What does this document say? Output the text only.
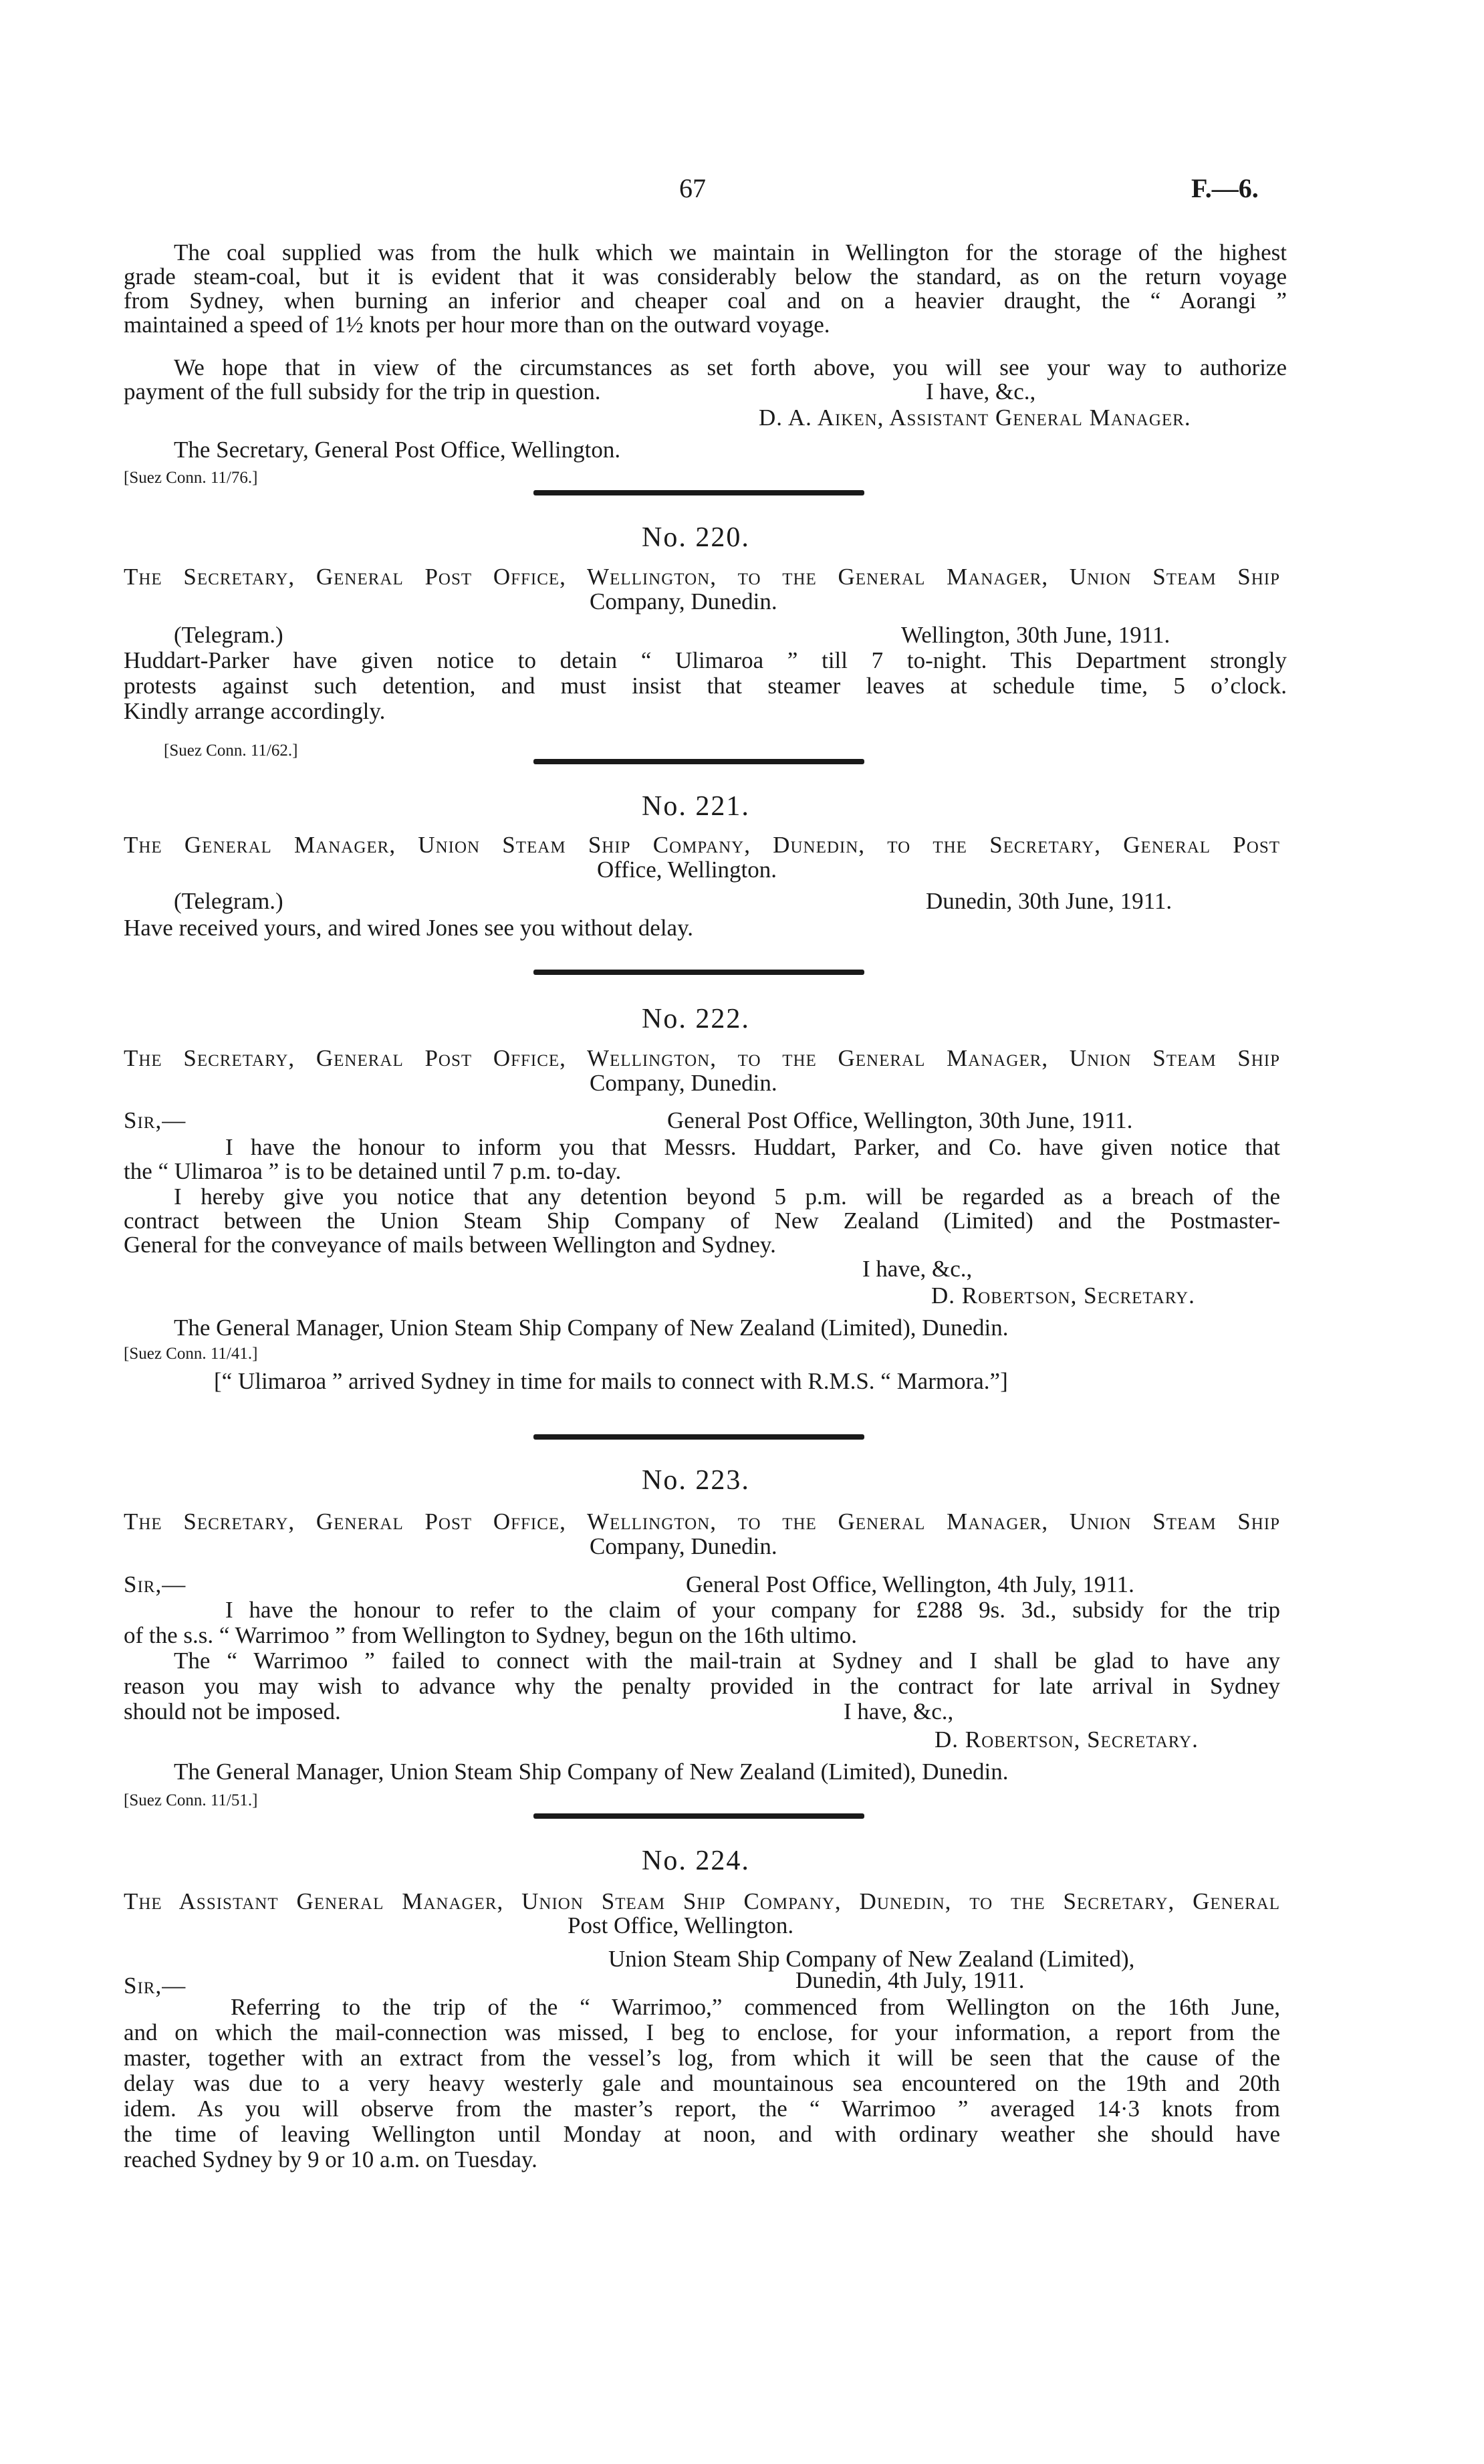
67	F.—6.
The coal supplied was from the hulk which we maintain in Wellington for the storage of the highest
grade steam-coal, but it is evident that it was considerably below the standard, as on the return voyage
from Sydney, when burning an inferior and cheaper coal and on a heavier draught, the “ Aorangi ”
maintained a speed of 1½ knots per hour more than on the outward voyage.
We hope that in view of the circumstances as set forth above, you will see your way to authorize
payment of the full subsidy for the trip in question.	I have, &c.,
D. A. Aiken, Assistant General Manager.
The Secretary, General Post Office, Wellington.
[Suez Conn. 11/76.]
No. 220.
The Secretary, General Post Office, Wellington, to the General Manager, Union Steam Ship
Company, Dunedin.
(Telegram.)	Wellington, 30th June, 1911.
Huddart-Parker have given notice to detain “ Ulimaroa ” till 7 to-night. This Department strongly
protests against such detention, and must insist that steamer leaves at schedule time, 5 o’clock.
Kindly arrange accordingly.
[Suez Conn. 11/62.]
No. 221.
The General Manager, Union Steam Ship Company, Dunedin, to the Secretary, General Post
Office, Wellington.
(Telegram.)	Dunedin, 30th June, 1911.
Have received yours, and wired Jones see you without delay.
No. 222.
The Secretary, General Post Office, Wellington, to the General Manager, Union Steam Ship
Company, Dunedin.
Sir,—	General Post Office, Wellington, 30th June, 1911.
I have the honour to inform you that Messrs. Huddart, Parker, and Co. have given notice that
the “ Ulimaroa ” is to be detained until 7 p.m. to-day.
I hereby give you notice that any detention beyond 5 p.m. will be regarded as a breach of the
contract between the Union Steam Ship Company of New Zealand (Limited) and the Postmaster-
General for the conveyance of mails between Wellington and Sydney.
I have, &c.,
D. Robertson, Secretary.
The General Manager, Union Steam Ship Company of New Zealand (Limited), Dunedin.
[Suez Conn. 11/41.]
[“ Ulimaroa ” arrived Sydney in time for mails to connect with R.M.S. “ Marmora.”]
No. 223.
The Secretary, General Post Office, Wellington, to the General Manager, Union Steam Ship
Company, Dunedin.
Sir,—	General Post Office, Wellington, 4th July, 1911.
I have the honour to refer to the claim of your company for £288 9s. 3d., subsidy for the trip
of the s.s. “ Warrimoo ” from Wellington to Sydney, begun on the 16th ultimo.
The “ Warrimoo ” failed to connect with the mail-train at Sydney and I shall be glad to have any
reason you may wish to advance why the penalty provided in the contract for late arrival in Sydney
should not be imposed.	I have, &c.,
D. Robertson, Secretary.
The General Manager, Union Steam Ship Company of New Zealand (Limited), Dunedin.
[Suez Conn. 11/51.]
No. 224.
The Assistant General Manager, Union Steam Ship Company, Dunedin, to the Secretary, General
Post Office, Wellington.
Union Steam Ship Company of New Zealand (Limited),
Sir,—	Dunedin, 4th July, 1911.
Referring to the trip of the “ Warrimoo,” commenced from Wellington on the 16th June,
and on which the mail-connection was missed, I beg to enclose, for your information, a report from the
master, together with an extract from the vessel’s log, from which it will be seen that the cause of the
delay was due to a very heavy westerly gale and mountainous sea encountered on the 19th and 20th
idem. As you will observe from the master’s report, the “ Warrimoo ” averaged 14·3 knots from
the time of leaving Wellington until Monday at noon, and with ordinary weather she should have
reached Sydney by 9 or 10 a.m. on Tuesday.
